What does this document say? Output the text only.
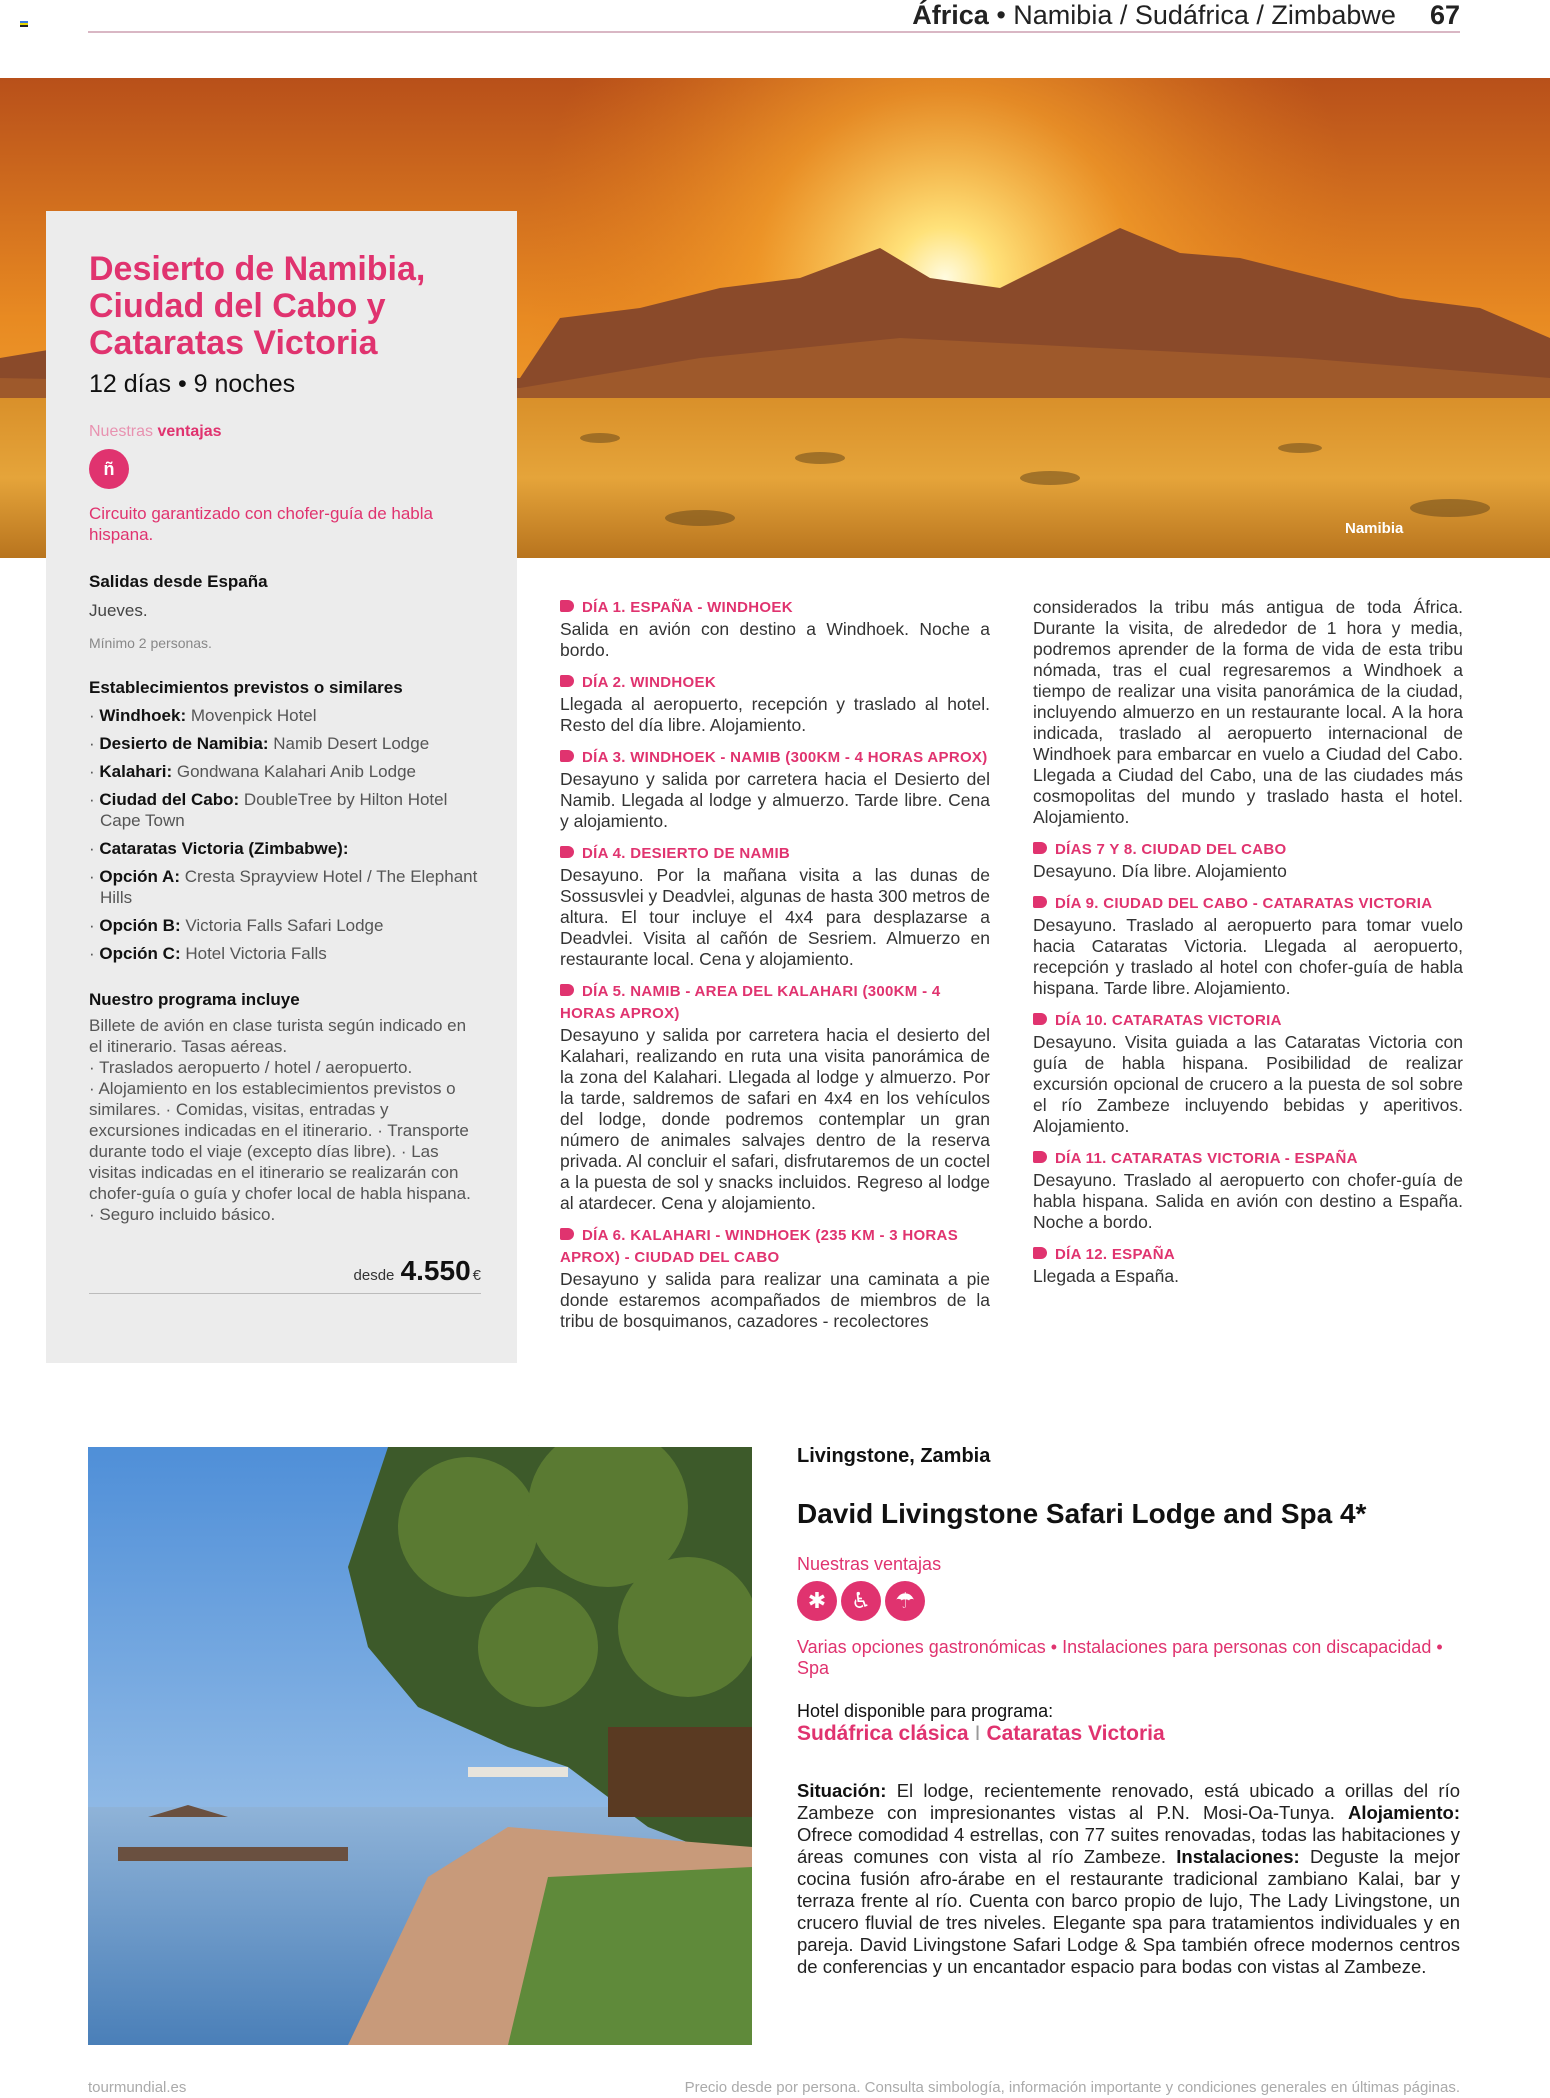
África • Namibia / Sudáfrica / Zimbabwe 67
Namibia
Desierto de Namibia, Ciudad del Cabo y Cataratas Victoria
12 días • 9 noches
Nuestras ventajas
ñ
Circuito garantizado con chofer-guía de habla hispana.
Salidas desde España
Jueves.
Mínimo 2 personas.
Establecimientos previstos o similares
· Windhoek: Movenpick Hotel
· Desierto de Namibia: Namib Desert Lodge
· Kalahari: Gondwana Kalahari Anib Lodge
· Ciudad del Cabo: DoubleTree by Hilton Hotel Cape Town
· Cataratas Victoria (Zimbabwe):
· Opción A: Cresta Sprayview Hotel / The Elephant Hills
· Opción B: Victoria Falls Safari Lodge
· Opción C: Hotel Victoria Falls
Nuestro programa incluye
Billete de avión en clase turista según indicado en el itinerario. Tasas aéreas.
· Traslados aeropuerto / hotel / aeropuerto.
· Alojamiento en los establecimientos previstos o similares. · Comidas, visitas, entradas y excursiones indicadas en el itinerario. · Transporte durante todo el viaje (excepto días libre). · Las visitas indicadas en el itinerario se realizarán con chofer-guía o guía y chofer local de habla hispana.
· Seguro incluido básico.
desde 4.550 €
DÍA 1. ESPAÑA - WINDHOEK

Salida en avión con destino a Windhoek. Noche a bordo.

DÍA 2. WINDHOEK

Llegada al aeropuerto, recepción y traslado al hotel. Resto del día libre. Alojamiento.

DÍA 3. WINDHOEK - NAMIB (300KM - 4 HORAS APROX)

Desayuno y salida por carretera hacia el Desierto del Namib. Llegada al lodge y almuerzo. Tarde libre. Cena y alojamiento.

DÍA 4. DESIERTO DE NAMIB

Desayuno. Por la mañana visita a las dunas de Sossusvlei y Deadvlei, algunas de hasta 300 metros de altura. El tour incluye el 4x4 para desplazarse a Deadvlei. Visita al cañón de Sesriem. Almuerzo en restaurante local. Cena y alojamiento.

DÍA 5. NAMIB - AREA DEL KALAHARI (300KM - 4 HORAS APROX)

Desayuno y salida por carretera hacia el desierto del Kalahari, realizando en ruta una visita panorámica de la zona del Kalahari. Llegada al lodge y almuerzo. Por la tarde, saldremos de safari en 4x4 en los vehículos del lodge, donde podremos contemplar un gran número de animales salvajes dentro de la reserva privada. Al concluir el safari, disfrutaremos de un coctel a la puesta de sol y snacks incluidos. Regreso al lodge al atardecer. Cena y alojamiento.

DÍA 6. KALAHARI - WINDHOEK (235 KM - 3 HORAS APROX) - CIUDAD DEL CABO

Desayuno y salida para realizar una caminata a pie donde estaremos acompañados de miembros de la tribu de bosquimanos, cazadores - recolectores

considerados la tribu más antigua de toda África. Durante la visita, de alrededor de 1 hora y media, podremos aprender de la forma de vida de esta tribu nómada, tras el cual regresaremos a Windhoek a tiempo de realizar una visita panorámica de la ciudad, incluyendo almuerzo en un restaurante local. A la hora indicada, traslado al aeropuerto internacional de Windhoek para embarcar en vuelo a Ciudad del Cabo. Llegada a Ciudad del Cabo, una de las ciudades más cosmopolitas del mundo y traslado hasta el hotel. Alojamiento.

DÍAS 7 Y 8. CIUDAD DEL CABO

Desayuno. Día libre. Alojamiento

DÍA 9. CIUDAD DEL CABO - CATARATAS VICTORIA

Desayuno. Traslado al aeropuerto para tomar vuelo hacia Cataratas Victoria. Llegada al aeropuerto, recepción y traslado al hotel con chofer-guía de habla hispana. Tarde libre. Alojamiento.

DÍA 10. CATARATAS VICTORIA

Desayuno. Visita guiada a las Cataratas Victoria con guía de habla hispana. Posibilidad de realizar excursión opcional de crucero a la puesta de sol sobre el río Zambeze incluyendo bebidas y aperitivos. Alojamiento.

DÍA 11. CATARATAS VICTORIA - ESPAÑA

Desayuno. Traslado al aeropuerto con chofer-guía de habla hispana. Salida en avión con destino a España. Noche a bordo.

DÍA 12. ESPAÑA

Llegada a España.

Livingstone, Zambia
David Livingstone Safari Lodge and Spa 4*
Nuestras ventajas
✱	♿	☂
Varias opciones gastronómicas • Instalaciones para personas con discapacidad • Spa
Hotel disponible para programa:
Sudáfrica clásica I Cataratas Victoria
Situación: El lodge, recientemente renovado, está ubicado a orillas del río Zambeze con impresionantes vistas al P.N. Mosi-Oa-Tunya. Alojamiento: Ofrece comodidad 4 estrellas, con 77 suites renovadas, todas las habitaciones y áreas comunes con vista al río Zambeze. Instalaciones: Deguste la mejor cocina fusión afro-árabe en el restaurante tradicional zambiano Kalai, bar y terraza frente al río. Cuenta con barco propio de lujo, The Lady Livingstone, un crucero fluvial de tres niveles. Elegante spa para tratamientos individuales y en pareja. David Livingstone Safari Lodge & Spa también ofrece modernos centros de conferencias y un encantador espacio para bodas con vistas al Zambeze.
tourmundial.es	Precio desde por persona. Consulta simbología, información importante y condiciones generales en últimas páginas.
